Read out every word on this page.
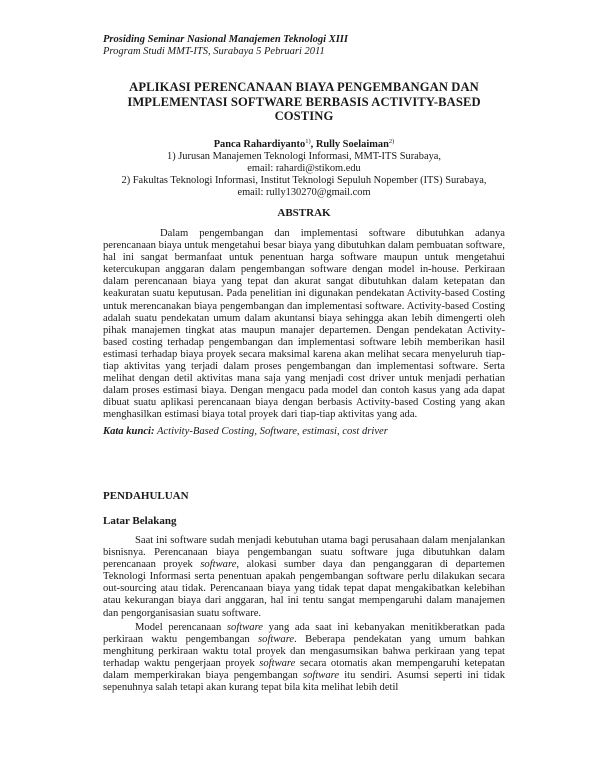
Prosiding Seminar Nasional Manajemen Teknologi XIII
Program Studi MMT-ITS, Surabaya 5 Pebruari 2011
APLIKASI PERENCANAAN BIAYA PENGEMBANGAN DAN IMPLEMENTASI SOFTWARE BERBASIS ACTIVITY-BASED COSTING
Panca Rahardiyanto$^{1)}$, Rully Soelaiman$^{2)}$
1) Jurusan Manajemen Teknologi Informasi, MMT-ITS Surabaya,
email: rahardi@stikom.edu
2) Fakultas Teknologi Informasi, Institut Teknologi Sepuluh Nopember (ITS) Surabaya,
email: rully130270@gmail.com
ABSTRAK

Dalam pengembangan dan implementasi software dibutuhkan adanya perencanaan biaya untuk mengetahui besar biaya yang dibutuhkan dalam pembuatan software, hal ini sangat bermanfaat untuk penentuan harga software maupun untuk mengetahui ketercukupan anggaran dalam pengembangan software dengan model in-house. Perkiraan dalam perencanaan biaya yang tepat dan akurat sangat dibutuhkan dalam ketepatan dan keakuratan suatu keputusan. Pada penelitian ini digunakan pendekatan Activity-based Costing untuk merencanakan biaya pengembangan dan implementasi software. Activity-based Costing adalah suatu pendekatan umum dalam akuntansi biaya sehingga akan lebih dimengerti oleh pihak manajemen tingkat atas maupun manajer departemen. Dengan pendekatan Activity-based costing terhadap pengembangan dan implementasi software lebih memberikan hasil estimasi terhadap biaya proyek secara maksimal karena akan melihat secara menyeluruh tiap-tiap aktivitas yang terjadi dalam proses pengembangan dan implementasi software. Serta melihat dengan detil aktivitas mana saja yang menjadi cost driver untuk menjadi perhatian dalam proses estimasi biaya. Dengan mengacu pada model dan contoh kasus yang ada dapat dibuat suatu aplikasi perencanaan biaya dengan berbasis Activity-based Costing yang akan menghasilkan estimasi biaya total proyek dari tiap-tiap aktivitas yang ada.

Kata kunci: Activity-Based Costing, Software, estimasi, cost driver
PENDAHULUAN
Latar Belakang

Saat ini software sudah menjadi kebutuhan utama bagi perusahaan dalam menjalankan bisnisnya. Perencanaan biaya pengembangan suatu software juga dibutuhkan dalam perencanaan proyek software, alokasi sumber daya dan penganggaran di departemen Teknologi Informasi serta penentuan apakah pengembangan software perlu dilakukan secara out-sourcing atau tidak. Perencanaan biaya yang tidak tepat dapat mengakibatkan kelebihan atau kekurangan biaya dari anggaran, hal ini tentu sangat mempengaruhi dalam manajemen dan pengorganisasian suatu software.

Model perencanaan software yang ada saat ini kebanyakan menitikberatkan pada perkiraan waktu pengembangan software. Beberapa pendekatan yang umum bahkan menghitung perkiraan waktu total proyek dan mengasumsikan bahwa perkiraan yang tepat terhadap waktu pengerjaan proyek software secara otomatis akan mempengaruhi ketepatan dalam memperkirakan biaya pengembangan software itu sendiri. Asumsi seperti ini tidak sepenuhnya salah tetapi akan kurang tepat bila kita melihat lebih detil
